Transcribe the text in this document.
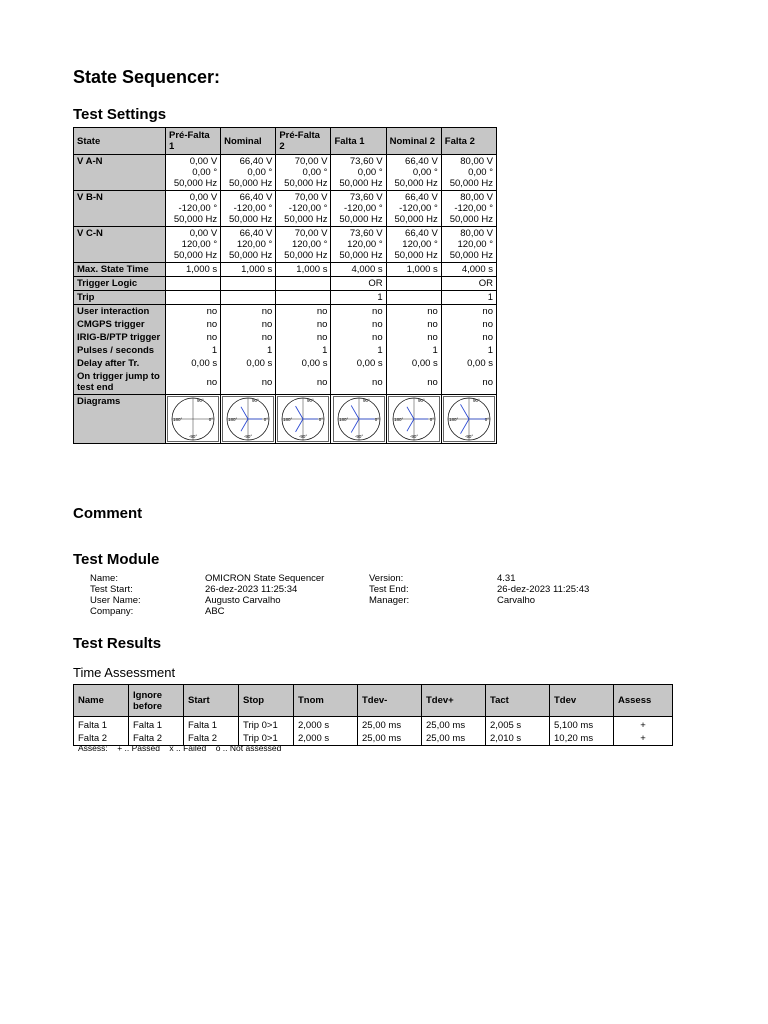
State Sequencer:
Test Settings
State	Pré-Falta 1	Nominal	Pré-Falta 2	Falta 1	Nominal 2	Falta 2
V A-N	0,00 V
0,00 °
50,000 Hz	66,40 V
0,00 °
50,000 Hz	70,00 V
0,00 °
50,000 Hz	73,60 V
0,00 °
50,000 Hz	66,40 V
0,00 °
50,000 Hz	80,00 V
0,00 °
50,000 Hz

V B-N	0,00 V
-120,00 °
50,000 Hz	66,40 V
-120,00 °
50,000 Hz	70,00 V
-120,00 °
50,000 Hz	73,60 V
-120,00 °
50,000 Hz	66,40 V
-120,00 °
50,000 Hz	80,00 V
-120,00 °
50,000 Hz

V C-N	0,00 V
120,00 °
50,000 Hz	66,40 V
120,00 °
50,000 Hz	70,00 V
120,00 °
50,000 Hz	73,60 V
120,00 °
50,000 Hz	66,40 V
120,00 °
50,000 Hz	80,00 V
120,00 °
50,000 Hz

Max. State Time	1,000 s	1,000 s	1,000 s	4,000 s	1,000 s	4,000 s
Trigger Logic				OR		OR
Trip				1		1
User interaction	no	no	no	no	no	no
CMGPS trigger	no	no	no	no	no	no
IRIG-B/PTP trigger	no	no	no	no	no	no
Pulses / seconds	1	1	1	1	1	1
Delay after Tr.	0,00 s	0,00 s	0,00 s	0,00 s	0,00 s	0,00 s
On trigger jump to test end	no	no	no	no	no	no
Diagrams	90°
180° 0°
-90°	90°
180° 0°
-90°	90°
180° 0°
-90°	90°
180° 0°
-90°	90°
180° 0°
-90°	90°
180° 0°
-90°
Comment
Test Module
Name:	OMICRON State Sequencer	Version:	4.31
Test Start:	26-dez-2023 11:25:34	Test End:	26-dez-2023 11:25:43
User Name:	Augusto Carvalho	Manager:	Carvalho
Company:	ABC
Test Results
Time Assessment
Name	Ignore before	Start	Stop	Tnom	Tdev-	Tdev+	Tact	Tdev	Assess
Falta 1	Falta 1	Falta 1	Trip 0>1	2,000 s	25,00 ms	25,00 ms	2,005 s	5,100 ms	+
Falta 2	Falta 2	Falta 2	Trip 0>1	2,000 s	25,00 ms	25,00 ms	2,010 s	10,20 ms	+
Assess:    + .. Passed    x .. Failed    o .. Not assessed
